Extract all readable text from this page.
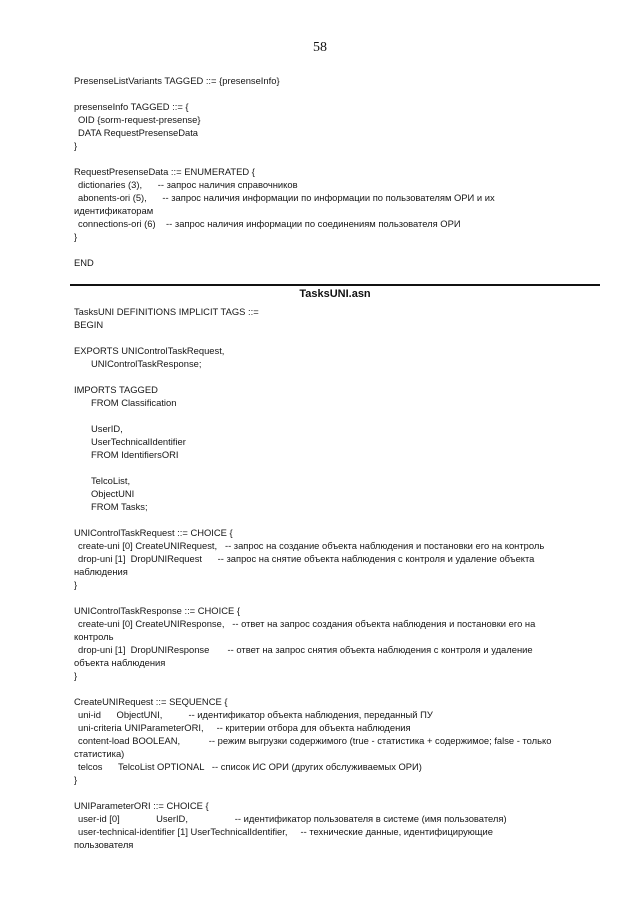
58
PresenseListVariants TAGGED ::= {presenseInfo}
presenseInfo TAGGED ::= {
OID {sorm-request-presense}
DATA RequestPresenseData
}
RequestPresenseData ::= ENUMERATED {
dictionaries (3),      -- запрос наличия справочников
abonents-ori (5),      -- запрос наличия информации по информации по пользователям ОРИ и их
идентификаторам
connections-ori (6)    -- запрос наличия информации по соединениям пользователя ОРИ
}
END
TasksUNI.asn
TasksUNI DEFINITIONS IMPLICIT TAGS ::=
BEGIN
EXPORTS UNIControlTaskRequest,
UNIControlTaskResponse;
IMPORTS TAGGED
FROM Classification
UserID,
UserTechnicalIdentifier
FROM IdentifiersORI
TelcoList,
ObjectUNI
FROM Tasks;
UNIControlTaskRequest ::= CHOICE {
create-uni [0] CreateUNIRequest,   -- запрос на создание объекта наблюдения и постановки его на контроль
drop-uni [1]  DropUNIRequest      -- запрос на снятие объекта наблюдения с контроля и удаление объекта
наблюдения
}
UNIControlTaskResponse ::= CHOICE {
create-uni [0] CreateUNIResponse,   -- ответ на запрос создания объекта наблюдения и постановки его на
контроль
drop-uni [1]  DropUNIResponse       -- ответ на запрос снятия объекта наблюдения с контроля и удаление
объекта наблюдения
}
CreateUNIRequest ::= SEQUENCE {
uni-id      ObjectUNI,          -- идентификатор объекта наблюдения, переданный ПУ
uni-criteria UNIParameterORI,     -- критерии отбора для объекта наблюдения
content-load BOOLEAN,           -- режим выгрузки содержимого (true - статистика + содержимое; false - только
статистика)
telcos      TelcoList OPTIONAL   -- список ИС ОРИ (других обслуживаемых ОРИ)
}
UNIParameterORI ::= CHOICE {
user-id [0]              UserID,                  -- идентификатор пользователя в системе (имя пользователя)
user-technical-identifier [1] UserTechnicalIdentifier,     -- технические данные, идентифицирующие
пользователя
